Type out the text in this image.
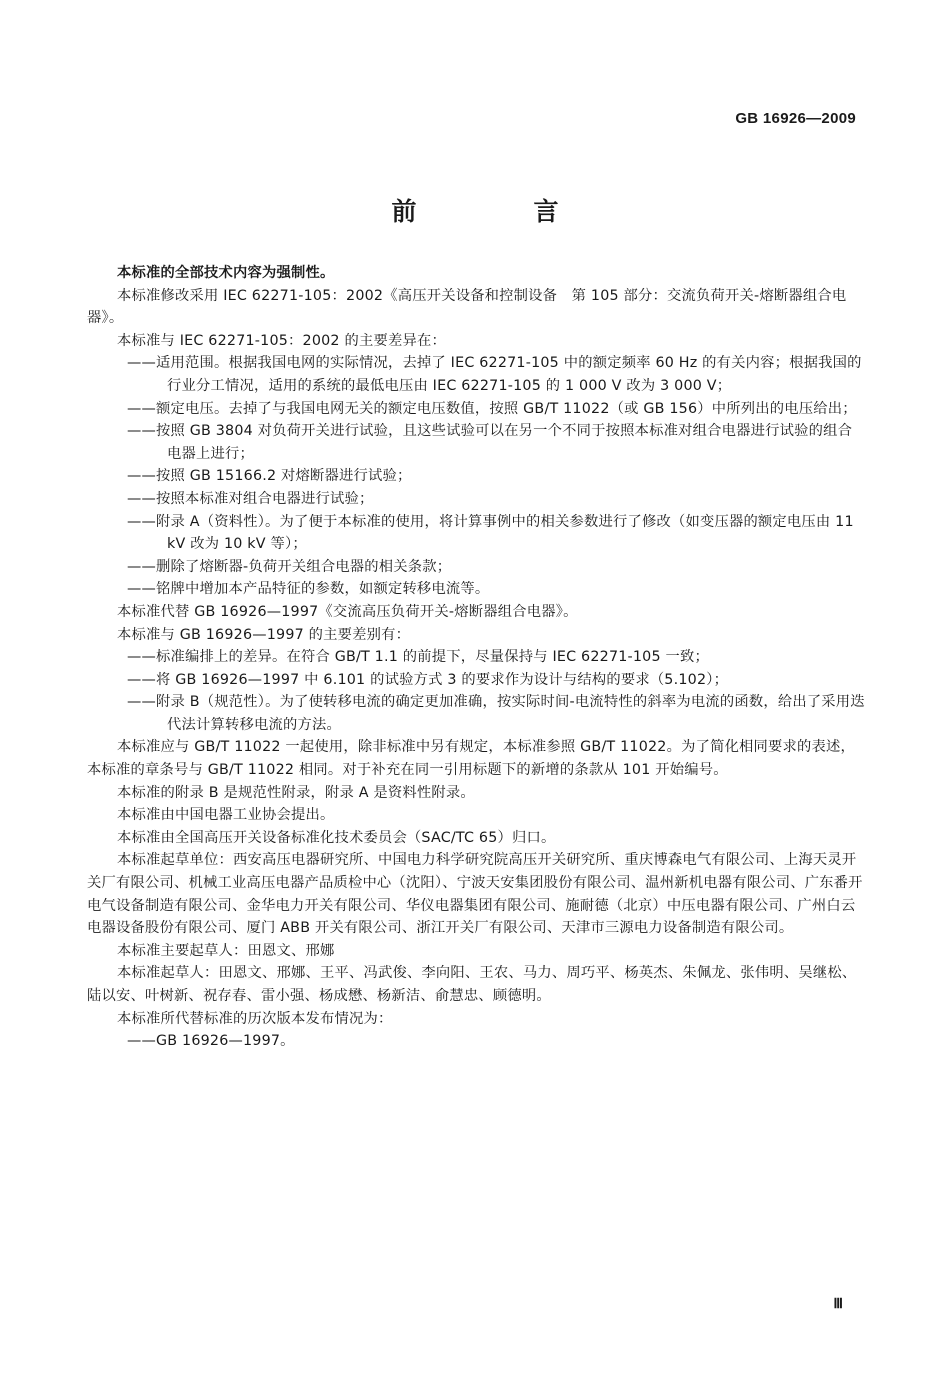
GB 16926—2009
前　言

本标准的全部技术内容为强制性。

本标准修改采用 IEC 62271-105：2002《高压开关设备和控制设备　第 105 部分：交流负荷开关-熔断器组合电器》。

本标准与 IEC 62271-105：2002 的主要差异在：

——适用范围。根据我国电网的实际情况，去掉了 IEC 62271-105 中的额定频率 60 Hz 的有关内容；根据我国的行业分工情况，适用的系统的最低电压由 IEC 62271-105 的 1 000 V 改为 3 000 V；

——额定电压。去掉了与我国电网无关的额定电压数值，按照 GB/T 11022（或 GB 156）中所列出的电压给出；

——按照 GB 3804 对负荷开关进行试验，且这些试验可以在另一个不同于按照本标准对组合电器进行试验的组合电器上进行；

——按照 GB 15166.2 对熔断器进行试验；

——按照本标准对组合电器进行试验；

——附录 A（资料性）。为了便于本标准的使用，将计算事例中的相关参数进行了修改（如变压器的额定电压由 11 kV 改为 10 kV 等）；

——删除了熔断器-负荷开关组合电器的相关条款；

——铭牌中增加本产品特征的参数，如额定转移电流等。

本标准代替 GB 16926—1997《交流高压负荷开关-熔断器组合电器》。

本标准与 GB 16926—1997 的主要差别有：

——标准编排上的差异。在符合 GB/T 1.1 的前提下，尽量保持与 IEC 62271-105 一致；

——将 GB 16926—1997 中 6.101 的试验方式 3 的要求作为设计与结构的要求（5.102）；

——附录 B（规范性）。为了使转移电流的确定更加准确，按实际时间-电流特性的斜率为电流的函数，给出了采用迭代法计算转移电流的方法。

本标准应与 GB/T 11022 一起使用，除非标准中另有规定，本标准参照 GB/T 11022。为了简化相同要求的表述，本标准的章条号与 GB/T 11022 相同。对于补充在同一引用标题下的新增的条款从 101 开始编号。

本标准的附录 B 是规范性附录，附录 A 是资料性附录。

本标准由中国电器工业协会提出。

本标准由全国高压开关设备标准化技术委员会（SAC/TC 65）归口。

本标准起草单位：西安高压电器研究所、中国电力科学研究院高压开关研究所、重庆博森电气有限公司、上海天灵开关厂有限公司、机械工业高压电器产品质检中心（沈阳）、宁波天安集团股份有限公司、温州新机电器有限公司、广东番开电气设备制造有限公司、金华电力开关有限公司、华仪电器集团有限公司、施耐德（北京）中压电器有限公司、广州白云电器设备股份有限公司、厦门 ABB 开关有限公司、浙江开关厂有限公司、天津市三源电力设备制造有限公司。

本标准主要起草人：田恩文、邢娜

本标准起草人：田恩文、邢娜、王平、冯武俊、李向阳、王农、马力、周巧平、杨英杰、朱佩龙、张伟明、吴继松、陆以安、叶树新、祝存春、雷小强、杨成懋、杨新洁、俞慧忠、顾德明。

本标准所代替标准的历次版本发布情况为：

——GB 16926—1997。

Ⅲ
